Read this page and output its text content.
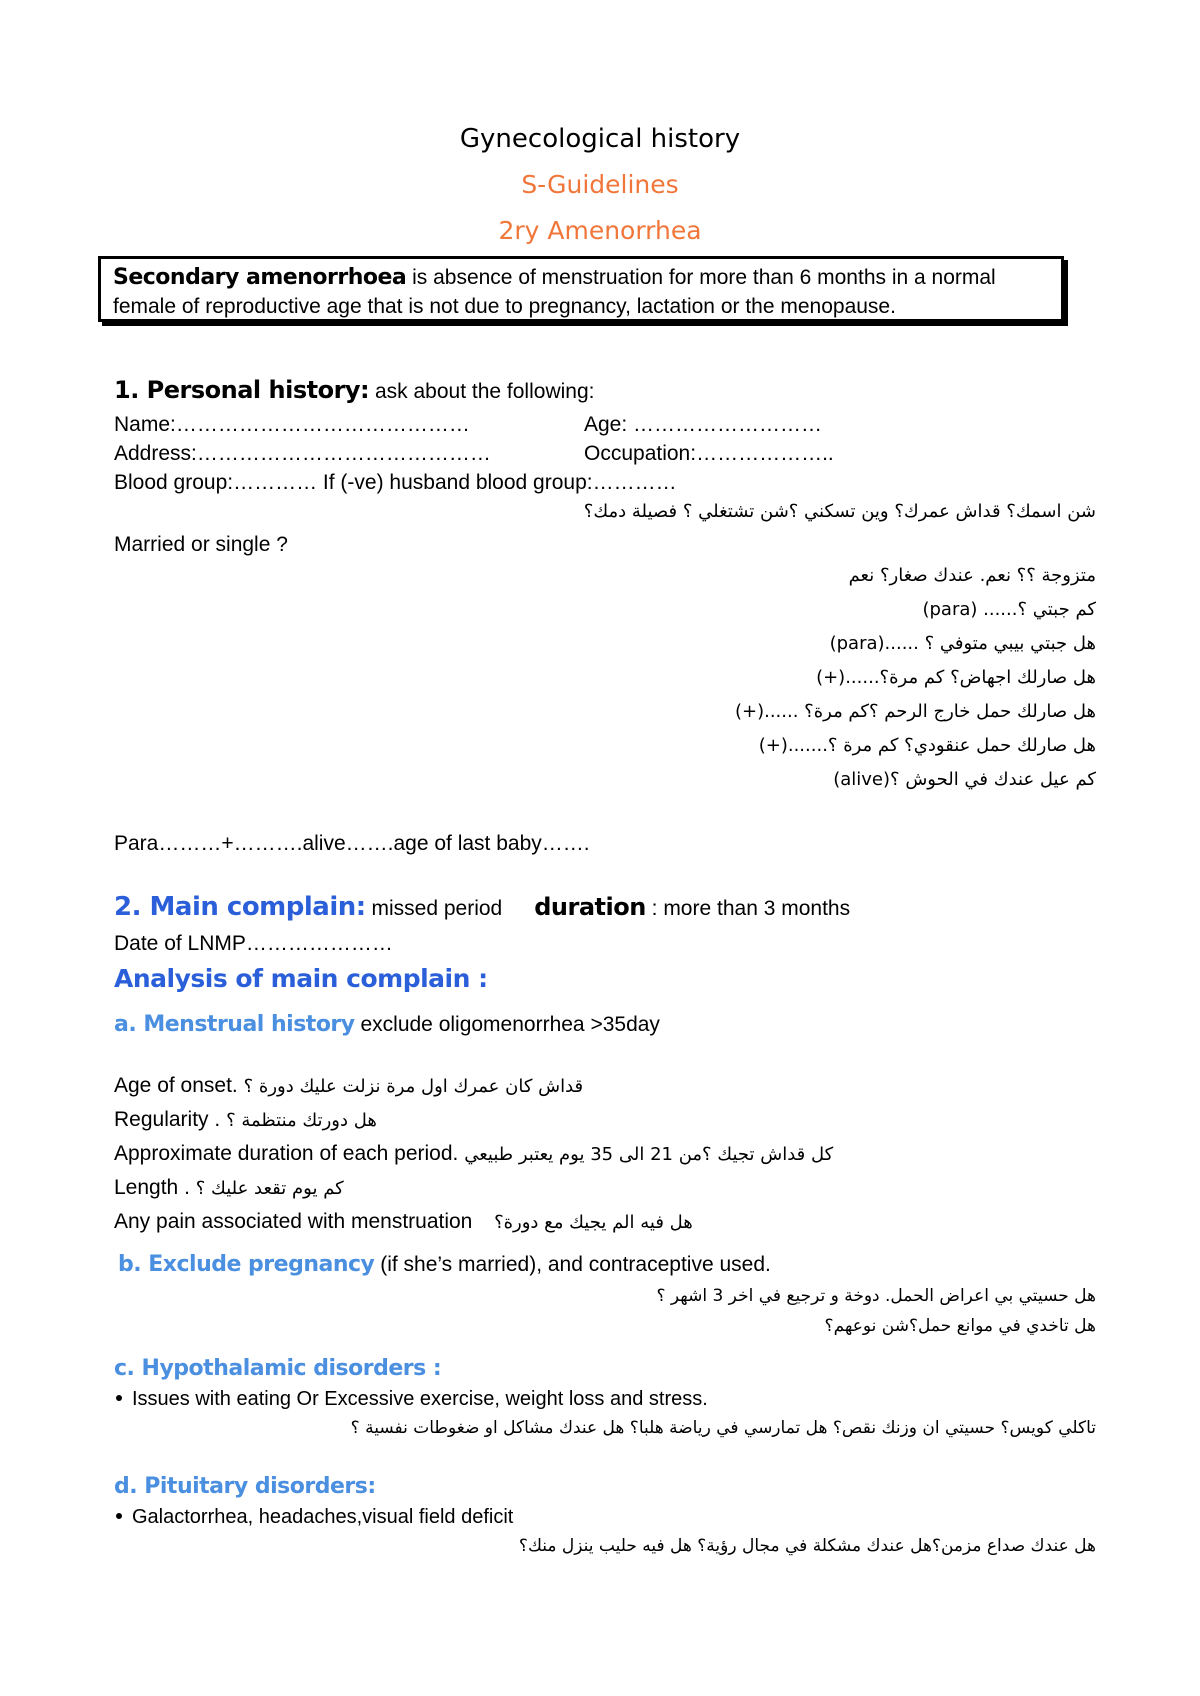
Gynecological history
S-Guidelines
2ry Amenorrhea

Secondary amenorrhoea is absence of menstruation for more than 6 months in a normal

female of reproductive age that is not due to pregnancy, lactation or the menopause.

1. Personal history: ask about the following:
Name:……………………………………	Age: ………………………
Address:……………………………………	Occupation:………………..
Blood group:………… If (-ve) husband blood group:…………
شن اسمك؟ قداش عمرك؟ وين تسكني ؟شن تشتغلي ؟ فصيلة دمك؟
Married or single ?
متزوجة ؟؟ نعم. عندك صغار؟ نعم
كم جبتي ؟...... (para)
هل جبتي بيبي متوفي ؟ ......(para)
هل صارلك اجهاض؟ كم مرة؟......(+)
هل صارلك حمل خارج الرحم ؟كم مرة؟ ......(+)
هل صارلك حمل عنقودي؟ كم مرة ؟.......(+)
كم عيل عندك في الحوش ؟(alive)
Para………+……….alive…….age of last baby…….
2. Main complain: missed period duration : more than 3 months
Date of LNMP…………………
Analysis of main complain :
a. Menstrual history exclude oligomenorrhea >35day
Age of onset. قداش كان عمرك اول مرة نزلت عليك دورة ؟
Regularity . هل دورتك منتظمة ؟
Approximate duration of each period. كل قداش تجيك ؟من 21 الى 35 يوم يعتبر طبيعي
Length . كم يوم تقعد عليك ؟
Any pain associated with menstruation هل فيه الم يجيك مع دورة؟
b. Exclude pregnancy (if she’s married), and contraceptive used.
هل حسيتي بي اعراض الحمل. دوخة و ترجيع في اخر 3 اشهر ؟
هل تاخدي في موانع حمل؟شن نوعهم؟
c. Hypothalamic disorders :
Issues with eating Or Excessive exercise, weight loss and stress.
تاكلي كويس؟ حسيتي ان وزنك نقص؟ هل تمارسي في رياضة هلبا؟ هل عندك مشاكل او ضغوطات نفسية ؟
d. Pituitary disorders:
Galactorrhea, headaches,visual field deficit
هل عندك صداع مزمن؟هل عندك مشكلة في مجال رؤية؟ هل فيه حليب ينزل منك؟
